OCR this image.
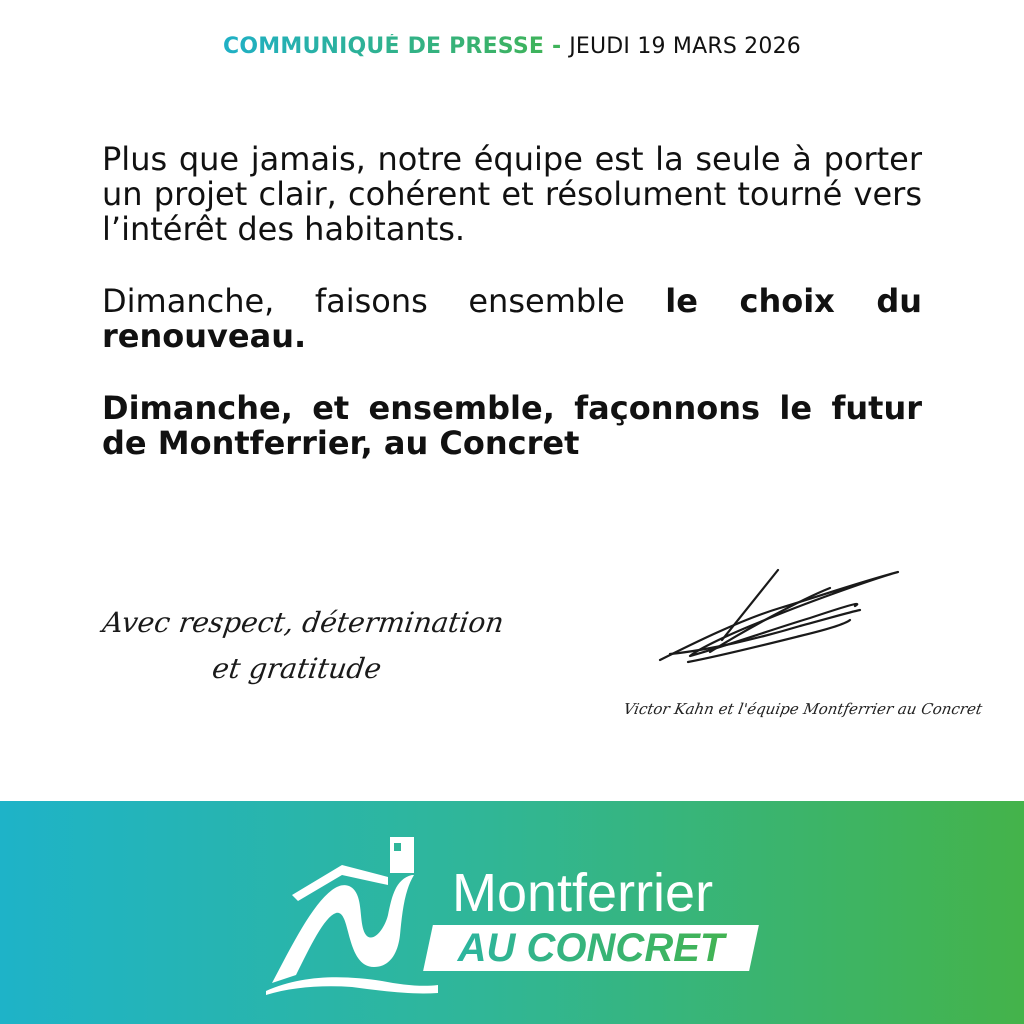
COMMUNIQUÉ DE PRESSE - JEUDI 19 MARS 2026

Plus que jamais, notre équipe est la seule à porter un projet clair, cohérent et résolument tourné vers l’intérêt des habitants.

Dimanche, faisons ensemble le choix du renouveau.

Dimanche, et ensemble, façonnons le futur de Montferrier, au Concret

Avec respect, détermination
et gratitude
Victor Kahn et l'équipe Montferrier au Concret
Montferrier
AU CONCRET
